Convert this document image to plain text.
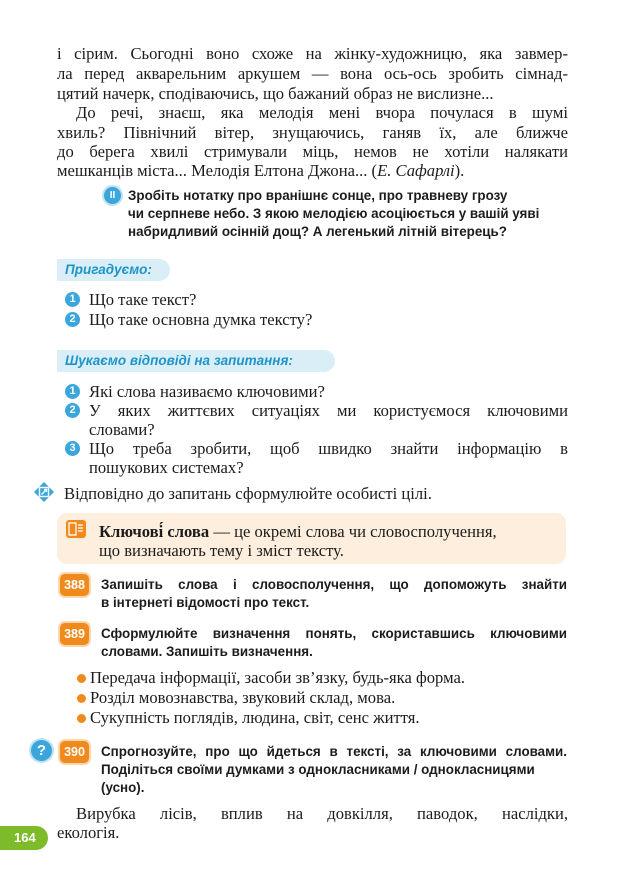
і сірим. Сьогодні воно схоже на жінку-художницю, яка завмер-
ла перед акварельним аркушем — вона ось-ось зробить сімнад-
цятий начерк, сподіваючись, що бажаний образ не вислизне...
До речі, знаєш, яка мелодія мені вчора почулася в шумі
хвиль? Північний вітер, знущаючись, ганяв їх, але ближче
до берега хвилі стримували міць, немов не хотіли налякати
мешканців міста... Мелодія Елтона Джона... (Е. Сафарлі).
II Зробіть нотатку про вранішнє сонце, про травневу грозу
чи серпневе небо. З якою мелодією асоціюється у вашій уяві
набридливий осінній дощ? А легенький літній вітерець?
Пригадуємо:
1 Що таке текст?
2 Що таке основна думка тексту?
Шукаємо відповіді на запитання:
1 Які слова називаємо ключовими?
2 У яких життєвих ситуаціях ми користуємося ключовими
словами?
3 Що треба зробити, щоб швидко знайти інформацію в
пошукових системах?
Відповідно до запитань сформулюйте особисті цілі.
Ключові́ слова — це окремі слова чи словосполучення,
що визначають тему і зміст тексту.
388	Запишіть слова і словосполучення, що допоможуть знайти
в інтернеті відомості про текст.
389	Сформулюйте визначення понять, скориставшись ключовими
словами. Запишіть визначення.
Передача інформації, засоби зв’язку, будь-яка форма.
Розділ мовознавства, звуковий склад, мова.
Сукупність поглядів, людина, світ, сенс життя.
?	390	Спрогнозуйте, про що йдеться в тексті, за ключовими словами.
Поділіться своїми думками з однокласниками / однокласницями
(усно).
Вирубка лісів, вплив на довкілля, паводок, наслідки,
екологія.
164
